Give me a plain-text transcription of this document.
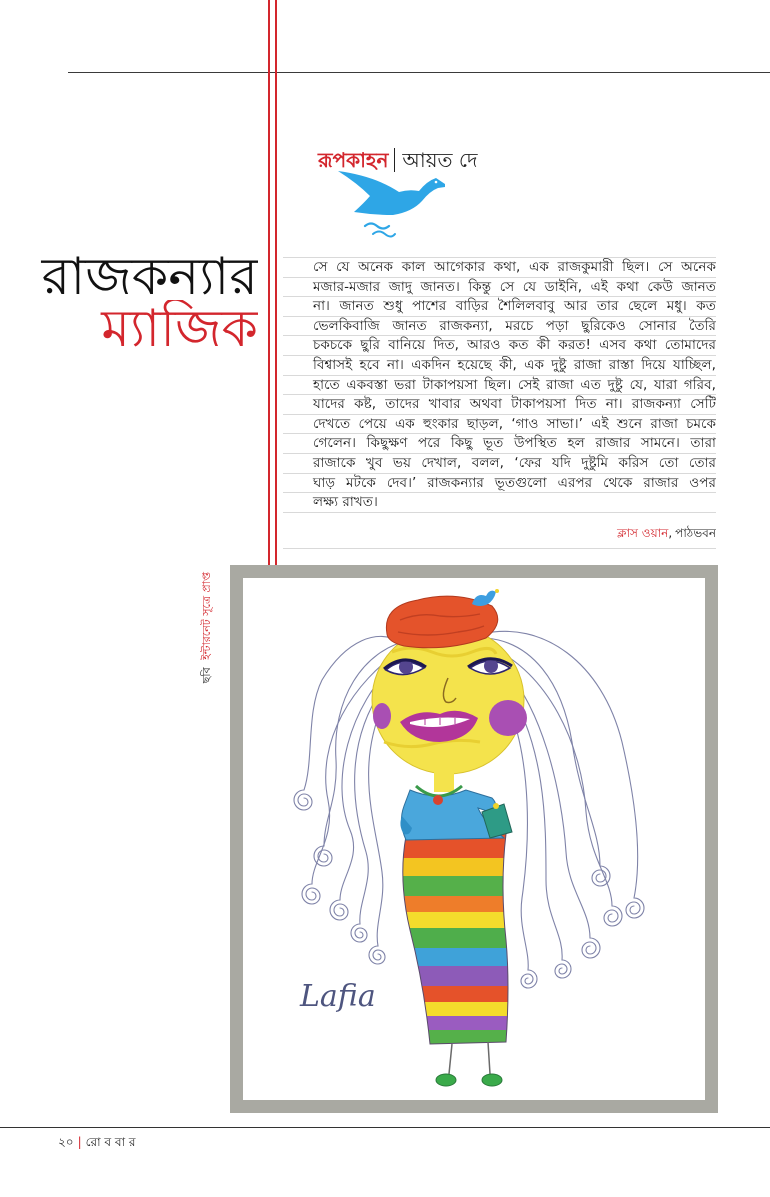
রূপকাহন আয়ত দে
রাজকন্যার
ম্যাজিক
সে যে অনেক কাল আগেকার কথা, এক রাজকুমারী ছিল। সে অনেক
মজার-মজার জাদু জানত। কিন্তু সে যে ডাইনি, এই কথা কেউ জানত
না। জানত শুধু পাশের বাড়ির শৈলিলবাবু আর তার ছেলে মধু। কত
ভেলকিবাজি জানত রাজকন্যা, মরচে পড়া ছুরিকেও সোনার তৈরি
চকচকে ছুরি বানিয়ে দিত, আরও কত কী করত! এসব কথা তোমাদের
বিশ্বাসই হবে না। একদিন হয়েছে কী, এক দুষ্টু রাজা রাস্তা দিয়ে যাচ্ছিল,
হাতে একবস্তা ভরা টাকাপয়সা ছিল। সেই রাজা এত দুষ্টু যে, যারা গরিব,
যাদের কষ্ট, তাদের খাবার অথবা টাকাপয়সা দিত না। রাজকন্যা সেটি
দেখতে পেয়ে এক হুংকার ছাড়ল, ‘গাও সাভা।’ এই শুনে রাজা চমকে
গেলেন। কিছুক্ষণ পরে কিছু ভূত উপস্থিত হল রাজার সামনে। তারা
রাজাকে খুব ভয় দেখাল, বলল, ‘ফের যদি দুষ্টুমি করিস তো তোর
ঘাড় মটকে দেব।’ রাজকন্যার ভূতগুলো এরপর থেকে রাজার ওপর
লক্ষ্য রাখত।
ক্লাস ওয়ান, পাঠভবন
ছবি ইন্টারনেট সূত্রে প্রাপ্ত
Lafia
২০ | রো ব বা র
